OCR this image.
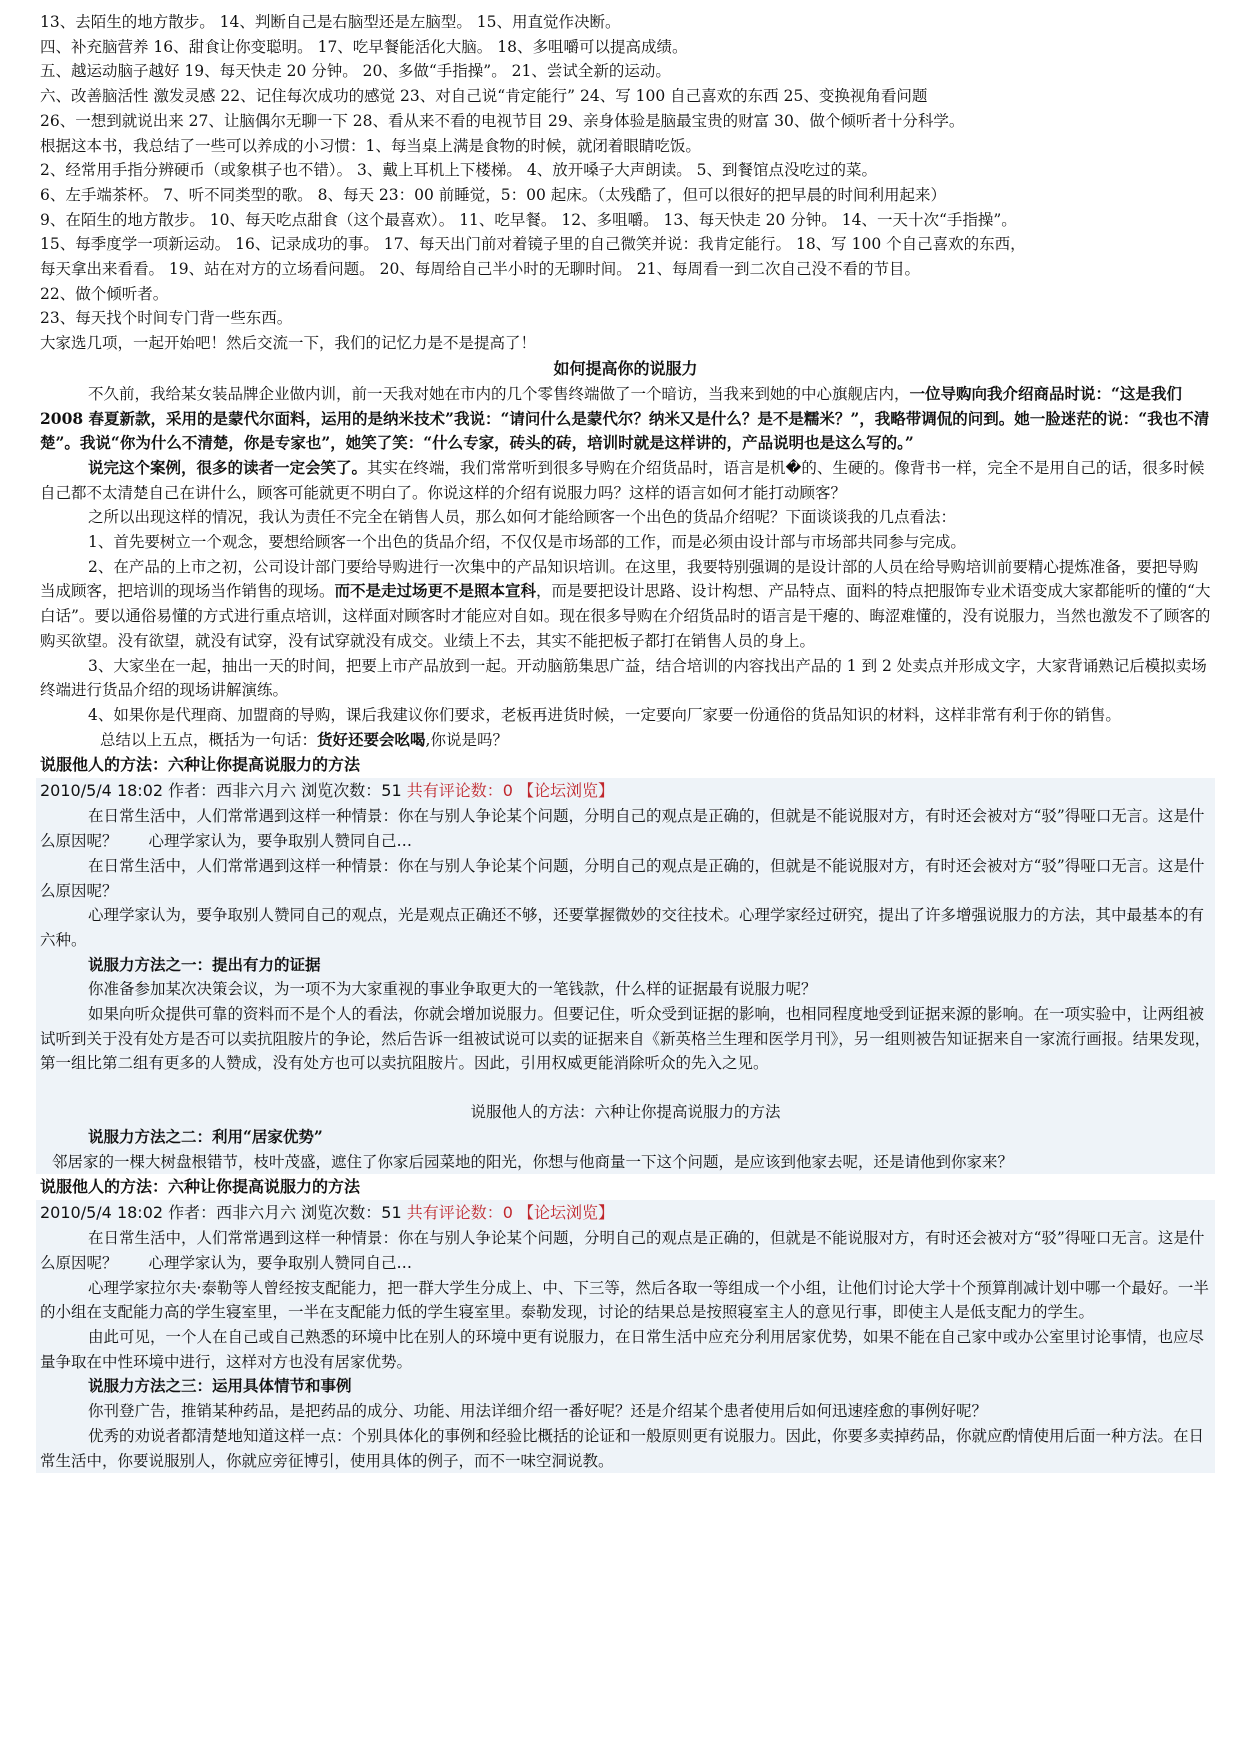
13、去陌生的地方散步。 14、判断自己是右脑型还是左脑型。 15、用直觉作决断。
四、补充脑营养 16、甜食让你变聪明。 17、吃早餐能活化大脑。 18、多咀嚼可以提高成绩。
五、越运动脑子越好 19、每天快走 20 分钟。 20、多做“手指操”。 21、尝试全新的运动。
六、改善脑活性 激发灵感 22、记住每次成功的感觉 23、对自己说“肯定能行” 24、写 100 自己喜欢的东西 25、变换视角看问题
26、一想到就说出来 27、让脑偶尔无聊一下 28、看从来不看的电视节目 29、亲身体验是脑最宝贵的财富 30、做个倾听者十分科学。
根据这本书，我总结了一些可以养成的小习惯：1、每当桌上满是食物的时候，就闭着眼睛吃饭。
2、经常用手指分辨硬币（或象棋子也不错）。 3、戴上耳机上下楼梯。 4、放开嗓子大声朗读。 5、到餐馆点没吃过的菜。
6、左手端茶杯。 7、听不同类型的歌。 8、每天 23：00 前睡觉，5：00 起床。（太残酷了，但可以很好的把早晨的时间利用起来）
9、在陌生的地方散步。 10、每天吃点甜食（这个最喜欢）。 11、吃早餐。 12、多咀嚼。 13、每天快走 20 分钟。 14、一天十次“手指操”。
15、每季度学一项新运动。 16、记录成功的事。 17、每天出门前对着镜子里的自己微笑并说：我肯定能行。 18、写 100 个自己喜欢的东西，
每天拿出来看看。 19、站在对方的立场看问题。 20、每周给自己半小时的无聊时间。 21、每周看一到二次自己没不看的节目。
22、做个倾听者。
23、每天找个时间专门背一些东西。
大家选几项，一起开始吧！然后交流一下，我们的记忆力是不是提高了！
如何提高你的说服力
不久前，我给某女装品牌企业做内训，前一天我对她在市内的几个零售终端做了一个暗访，当我来到她的中心旗舰店内，一位导购向我介绍商品时说：“这是我们 2008 春夏新款，采用的是蒙代尔面料，运用的是纳米技术”我说：“请问什么是蒙代尔？纳米又是什么？是不是糯米？”，我略带调侃的问到。她一脸迷茫的说：“我也不清楚”。我说“你为什么不清楚，你是专家也”，她笑了笑：“什么专家，砖头的砖，培训时就是这样讲的，产品说明也是这么写的。”
说完这个案例，很多的读者一定会笑了。其实在终端，我们常常听到很多导购在介绍货品时，语言是机�的、生硬的。像背书一样，完全不是用自己的话，很多时候自己都不太清楚自己在讲什么，顾客可能就更不明白了。你说这样的介绍有说服力吗？这样的语言如何才能打动顾客？
之所以出现这样的情况，我认为责任不完全在销售人员，那么如何才能给顾客一个出色的货品介绍呢？下面谈谈我的几点看法：
1、首先要树立一个观念，要想给顾客一个出色的货品介绍，不仅仅是市场部的工作，而是必须由设计部与市场部共同参与完成。
2、在产品的上市之初，公司设计部门要给导购进行一次集中的产品知识培训。在这里，我要特别强调的是设计部的人员在给导购培训前要精心提炼准备，要把导购当成顾客，把培训的现场当作销售的现场。而不是走过场更不是照本宣科，而是要把设计思路、设计构想、产品特点、面料的特点把服饰专业术语变成大家都能听的懂的“大白话”。要以通俗易懂的方式进行重点培训，这样面对顾客时才能应对自如。现在很多导购在介绍货品时的语言是干瘪的、晦涩难懂的，没有说服力，当然也激发不了顾客的购买欲望。没有欲望，就没有试穿，没有试穿就没有成交。业绩上不去，其实不能把板子都打在销售人员的身上。
3、大家坐在一起，抽出一天的时间，把要上市产品放到一起。开动脑筋集思广益，结合培训的内容找出产品的 1 到 2 处卖点并形成文字，大家背诵熟记后模拟卖场终端进行货品介绍的现场讲解演练。
4、如果你是代理商、加盟商的导购，课后我建议你们要求，老板再进货时候，一定要向厂家要一份通俗的货品知识的材料，这样非常有利于你的销售。
总结以上五点，概括为一句话：货好还要会吆喝,你说是吗？
说服他人的方法：六种让你提高说服力的方法
2010/5/4 18:02 作者：西非六月六 浏览次数：51 共有评论数：0 【论坛浏览】
在日常生活中，人们常常遇到这样一种情景：你在与别人争论某个问题，分明自己的观点是正确的，但就是不能说服对方，有时还会被对方“驳”得哑口无言。这是什么原因呢？　　心理学家认为，要争取别人赞同自己…
在日常生活中，人们常常遇到这样一种情景：你在与别人争论某个问题，分明自己的观点是正确的，但就是不能说服对方，有时还会被对方“驳”得哑口无言。这是什么原因呢？
心理学家认为，要争取别人赞同自己的观点，光是观点正确还不够，还要掌握微妙的交往技术。心理学家经过研究，提出了许多增强说服力的方法，其中最基本的有六种。
说服力方法之一：提出有力的证据
你准备参加某次决策会议，为一项不为大家重视的事业争取更大的一笔钱款，什么样的证据最有说服力呢？
如果向听众提供可靠的资料而不是个人的看法，你就会增加说服力。但要记住，听众受到证据的影响，也相同程度地受到证据来源的影响。在一项实验中，让两组被试听到关于没有处方是否可以卖抗阻胺片的争论，然后告诉一组被试说可以卖的证据来自《新英格兰生理和医学月刊》，另一组则被告知证据来自一家流行画报。结果发现，第一组比第二组有更多的人赞成，没有处方也可以卖抗阻胺片。因此，引用权威更能消除听众的先入之见。
说服他人的方法：六种让你提高说服力的方法
说服力方法之二：利用“居家优势”
邻居家的一棵大树盘根错节，枝叶茂盛，遮住了你家后园菜地的阳光，你想与他商量一下这个问题，是应该到他家去呢，还是请他到你家来？
说服他人的方法：六种让你提高说服力的方法
2010/5/4 18:02 作者：西非六月六 浏览次数：51 共有评论数：0 【论坛浏览】
在日常生活中，人们常常遇到这样一种情景：你在与别人争论某个问题，分明自己的观点是正确的，但就是不能说服对方，有时还会被对方“驳”得哑口无言。这是什么原因呢？　　心理学家认为，要争取别人赞同自己…
心理学家拉尔夫·泰勒等人曾经按支配能力，把一群大学生分成上、中、下三等，然后各取一等组成一个小组，让他们讨论大学十个预算削减计划中哪一个最好。一半的小组在支配能力高的学生寝室里，一半在支配能力低的学生寝室里。泰勒发现，讨论的结果总是按照寝室主人的意见行事，即使主人是低支配力的学生。
由此可见，一个人在自己或自己熟悉的环境中比在别人的环境中更有说服力，在日常生活中应充分利用居家优势，如果不能在自己家中或办公室里讨论事情，也应尽量争取在中性环境中进行，这样对方也没有居家优势。
说服力方法之三：运用具体情节和事例
你刊登广告，推销某种药品，是把药品的成分、功能、用法详细介绍一番好呢？还是介绍某个患者使用后如何迅速痊愈的事例好呢？
优秀的劝说者都清楚地知道这样一点：个别具体化的事例和经验比概括的论证和一般原则更有说服力。因此，你要多卖掉药品，你就应酌情使用后面一种方法。在日常生活中，你要说服别人，你就应旁征博引，使用具体的例子，而不一味空洞说教。
